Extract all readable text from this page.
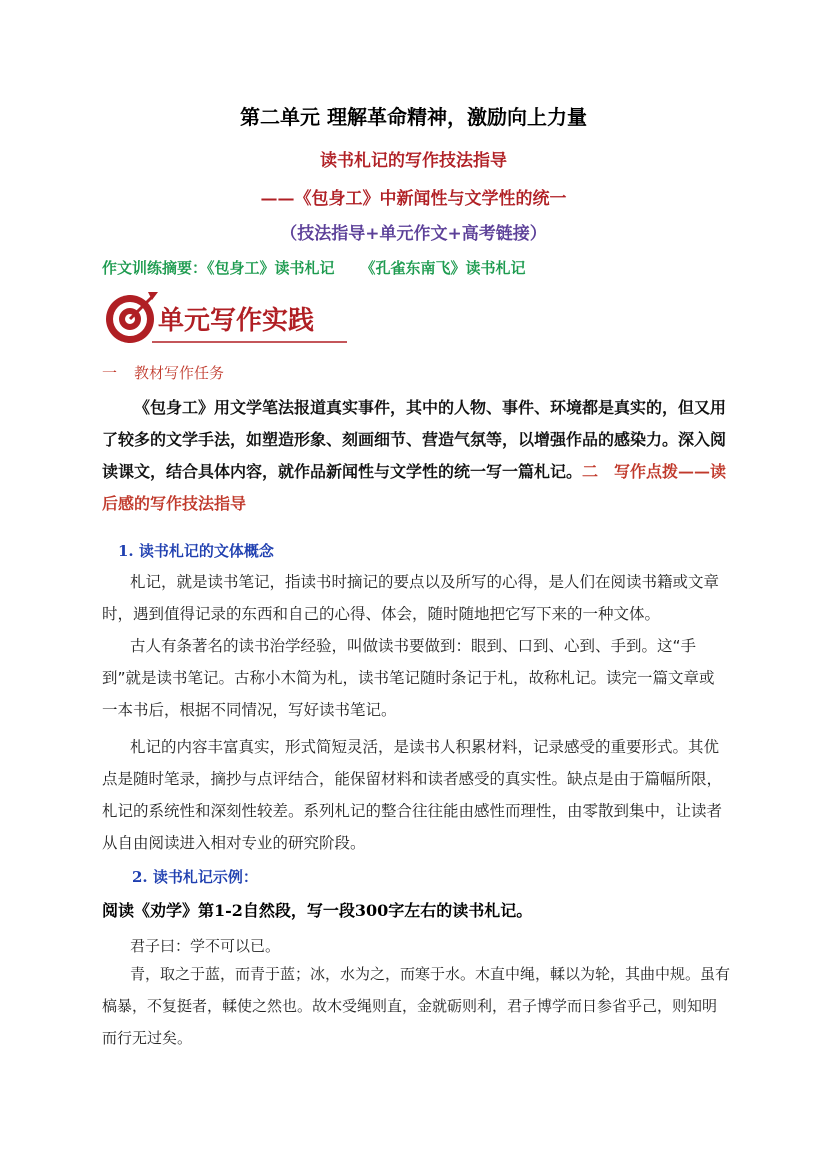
第二单元 理解革命精神，激励向上力量
读书札记的写作技法指导
——《包身工》中新闻性与文学性的统一
（技法指导+单元作文+高考链接）
作文训练摘要：《包身工》读书札记 《孔雀东南飞》读书札记
单元写作实践
一 教材写作任务
《包身工》用文学笔法报道真实事件，其中的人物、事件、环境都是真实的，但又用了较多的文学手法，如塑造形象、刻画细节、营造气氛等，以增强作品的感染力。深入阅读课文，结合具体内容，就作品新闻性与文学性的统一写一篇札记。二　写作点拨——读后感的写作技法指导
1. 读书札记的文体概念
札记，就是读书笔记，指读书时摘记的要点以及所写的心得，是人们在阅读书籍或文章时，遇到值得记录的东西和自己的心得、体会，随时随地把它写下来的一种文体。
古人有条著名的读书治学经验，叫做读书要做到：眼到、口到、心到、手到。这“手到”就是读书笔记。古称小木简为札，读书笔记随时条记于札，故称札记。读完一篇文章或一本书后，根据不同情况，写好读书笔记。
札记的内容丰富真实，形式简短灵活，是读书人积累材料，记录感受的重要形式。其优点是随时笔录，摘抄与点评结合，能保留材料和读者感受的真实性。缺点是由于篇幅所限，札记的系统性和深刻性较差。系列札记的整合往往能由感性而理性，由零散到集中，让读者从自由阅读进入相对专业的研究阶段。
2. 读书札记示例：
阅读《劝学》第1-2自然段，写一段300字左右的读书札记。
君子曰：学不可以已。
青，取之于蓝，而青于蓝；冰，水为之，而寒于水。木直中绳，輮以为轮，其曲中规。虽有槁暴，不复挺者，輮使之然也。故木受绳则直，金就砺则利，君子博学而日参省乎己，则知明而行无过矣。
